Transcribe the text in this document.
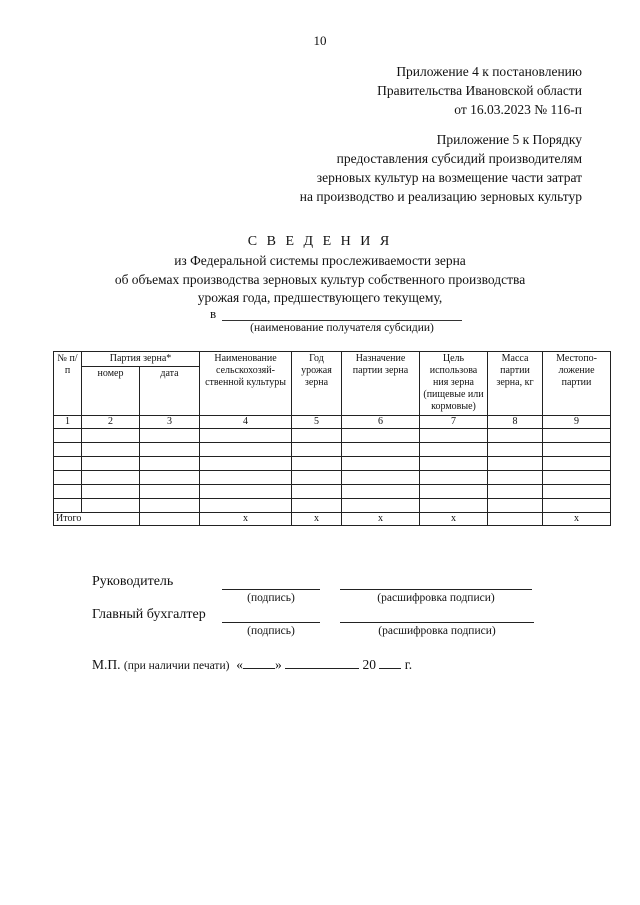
10
Приложение 4 к постановлению
Правительства Ивановской области
от 16.03.2023 № 116-п
Приложение 5 к Порядку
предоставления субсидий производителям
зерновых культур на возмещение части затрат
на производство и реализацию зерновых культур
С В Е Д Е Н И Я
из Федеральной системы прослеживаемости зерна
об объемах производства зерновых культур собственного производства
урожая года, предшествующего текущему,
в
(наименование получателя субсидии)
№ п/п	Партия зерна*		Наименование сельскохозяй-ственной культуры	Год урожая зерна	Назначение партии зерна	Цель использова ния зерна (пищевые или кормовые)	Масса партии зерна, кг	Местопо-ложение партии
	номер	дата						
1	2	3	4	5	6	7	8	9

Итого			x	x	x	x		x
Руководитель
(подпись)	(расшифровка подписи)
Главный бухгалтер
(подпись)	(расшифровка подписи)
М.П. (при наличии печати) « »	20 г.
